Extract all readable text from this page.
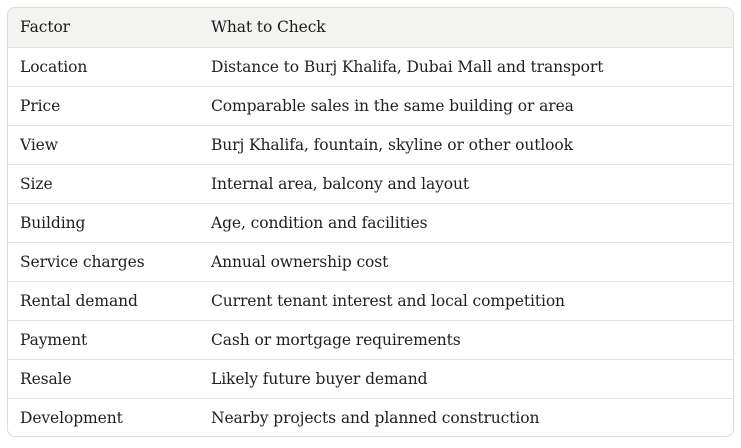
Factor	What to Check
Location	Distance to Burj Khalifa, Dubai Mall and transport
Price	Comparable sales in the same building or area
View	Burj Khalifa, fountain, skyline or other outlook
Size	Internal area, balcony and layout
Building	Age, condition and facilities
Service charges	Annual ownership cost
Rental demand	Current tenant interest and local competition
Payment	Cash or mortgage requirements
Resale	Likely future buyer demand
Development	Nearby projects and planned construction
